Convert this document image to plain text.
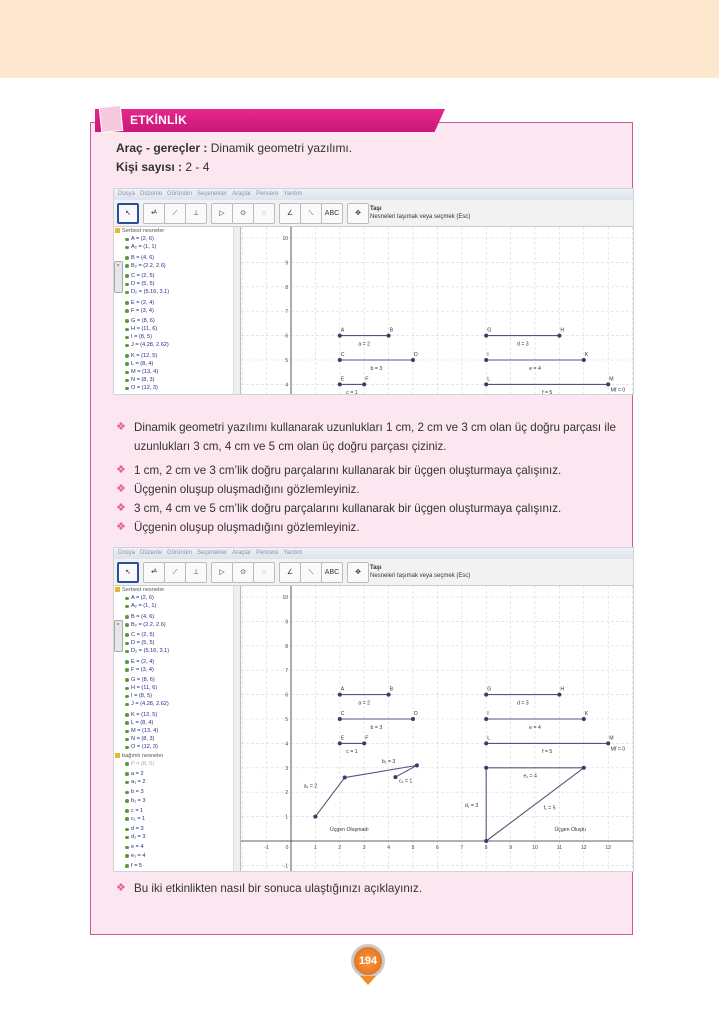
ETKİNLİK
Araç - gereçler : Dinamik geometri yazılımı.
Kişi sayısı : 2 - 4
Dosya Düzenle Görünüm Seçenekler Araçlar Pencere Yardım
↖	•ᴬ	⟋	⊥	▷	⊙	◌	∠	⟍	ABC	✥
Taşı
Nesneleri taşımak veya seçmek (Esc)
Serbest nesneler
A = (2, 6)
A₂ = (1, 1)
B = (4, 6)
B₂ = (2.2, 2.6)
C = (2, 5)
D = (5, 5)
D₂ = (5.16, 3.1)
E = (2, 4)
F = (3, 4)
G = (8, 6)
H = (11, 6)
I = (8, 5)
J = (4.28, 2.62)
K = (12, 5)
L = (8, 4)
M = (13, 4)
N = (8, 3)
O = (12, 3)
▸
4
5
6
7
8
9
10
a = 2
b = 3
c = 1
d = 3
e = 4
f = 5
A	B
C	D
E	F
G	H
I	K
L	M
Mf = 0
❖ Dinamik geometri yazılımı kullanarak uzunlukları 1 cm, 2 cm ve 3 cm olan üç doğru parçası ile uzunlukları 3 cm, 4 cm ve 5 cm olan üç doğru parçası çiziniz.
❖ 1 cm, 2 cm ve 3 cm’lik doğru parçalarını kullanarak bir üçgen oluşturmaya çalışınız.
❖ Üçgenin oluşup oluşmadığını gözlemleyiniz.
❖ 3 cm, 4 cm ve 5 cm’lik doğru parçalarını kullanarak bir üçgen oluşturmaya çalışınız.
❖ Üçgenin oluşup oluşmadığını gözlemleyiniz.
Dosya Düzenle Görünüm Seçenekler Araçlar Pencere Yardım
↖	•ᴬ	⟋	⊥	▷	⊙	◌	∠	⟍	ABC	✥
Taşı
Nesneleri taşımak veya seçmek (Esc)
Serbest nesneler
A = (2, 6)
A₂ = (1, 1)
B = (4, 6)
B₂ = (2.2, 2.6)
C = (2, 5)
D = (5, 5)
D₂ = (5.16, 3.1)
E = (2, 4)
F = (3, 4)
G = (8, 6)
H = (11, 6)
I = (8, 5)
J = (4.28, 2.62)
K = (12, 5)
L = (8, 4)
M = (13, 4)
N = (8, 3)
O = (12, 3)
bağımlı nesneler
P = (8, 0)
a = 2
a₁ = 2
b = 3
b₁ = 3
c = 1
c₁ = 1
d = 3
d₁ = 3
e = 4
e₁ = 4
f = 5
▸
-1
1
2
3
4
5
6
7
8
9
10
-1	0	1	2	3	4	5	6	7	8	9	10	11	12	13
a = 2
b = 3
c = 1
d = 3
e = 4
f = 5
a₁ = 2
b₁ = 3
c₁ = 1
d₁ = 3
e₁ = 4
f₁ = 5
A	B
C	D
E	F
G	H
I	K
L	M
Mf = 0
Üçgen Oluşmadı	Üçgen Oluştu
❖ Bu iki etkinlikten nasıl bir sonuca ulaştığınızı açıklayınız.
194
